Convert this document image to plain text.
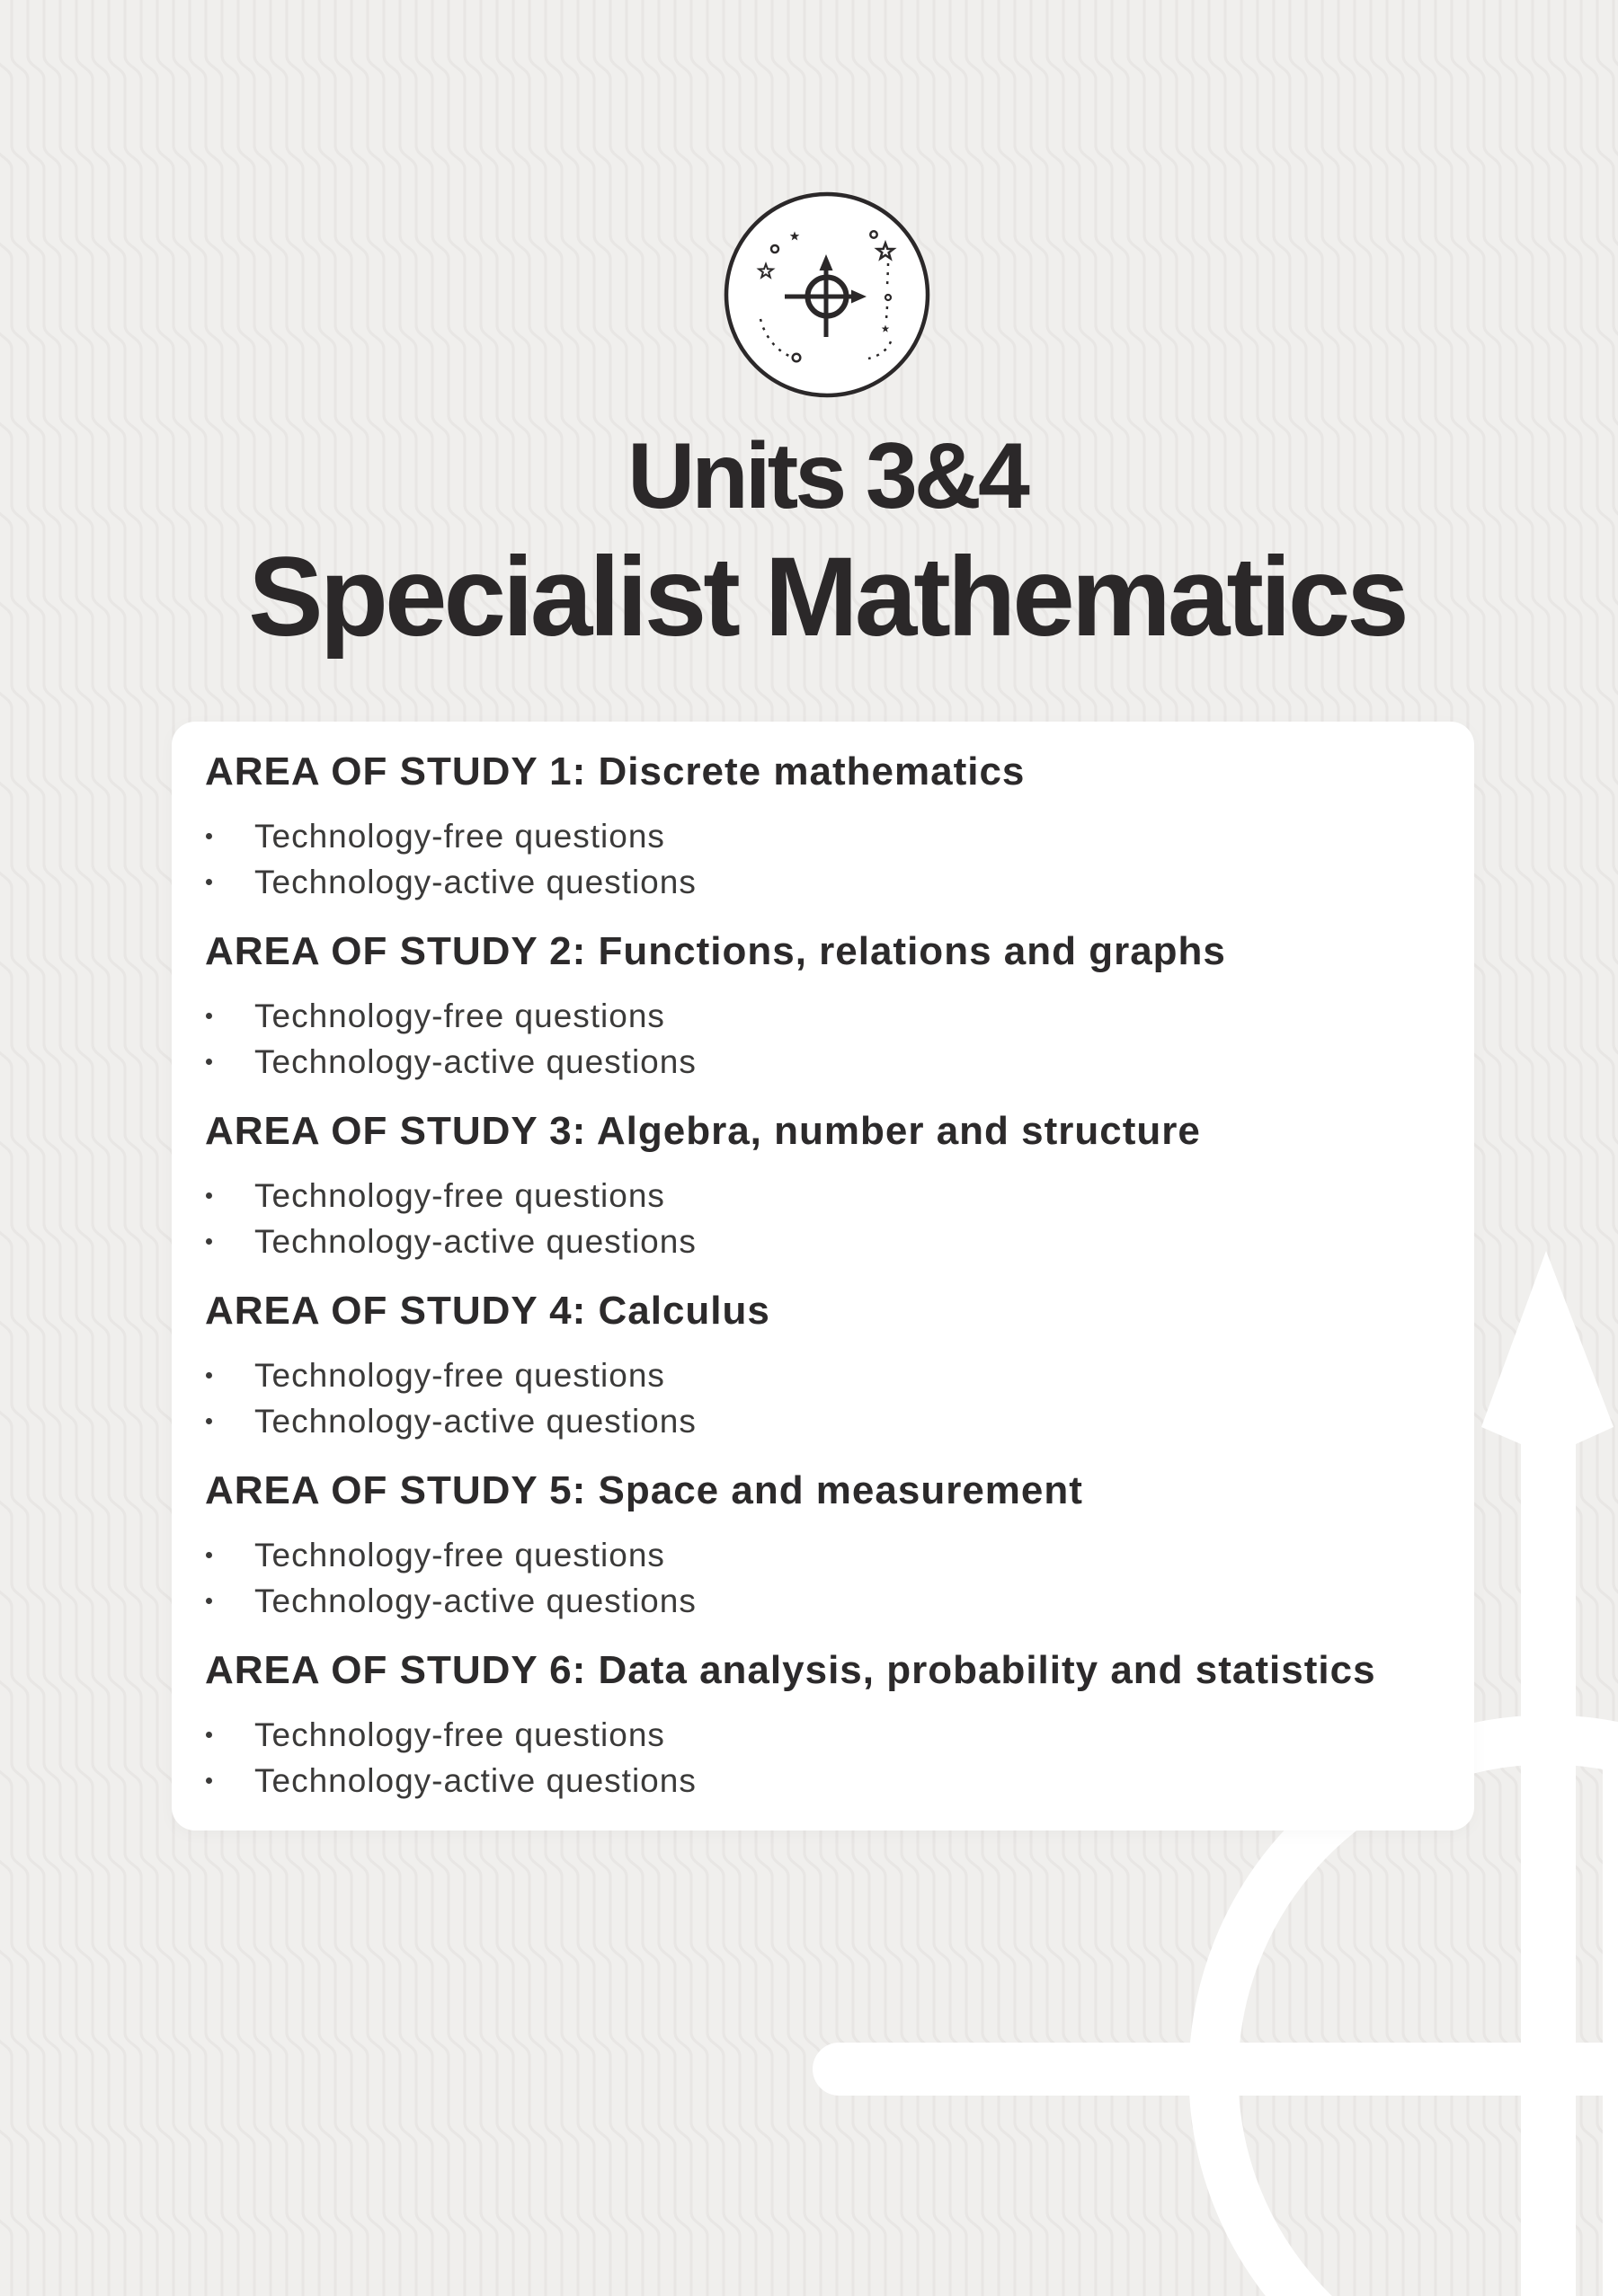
Units 3&4
Specialist Mathematics
AREA OF STUDY 1: Discrete mathematics
Technology-free questions
Technology-active questions
AREA OF STUDY 2: Functions, relations and graphs
Technology-free questions
Technology-active questions
AREA OF STUDY 3: Algebra, number and structure
Technology-free questions
Technology-active questions
AREA OF STUDY 4: Calculus
Technology-free questions
Technology-active questions
AREA OF STUDY 5: Space and measurement
Technology-free questions
Technology-active questions
AREA OF STUDY 6: Data analysis, probability and statistics
Technology-free questions
Technology-active questions
